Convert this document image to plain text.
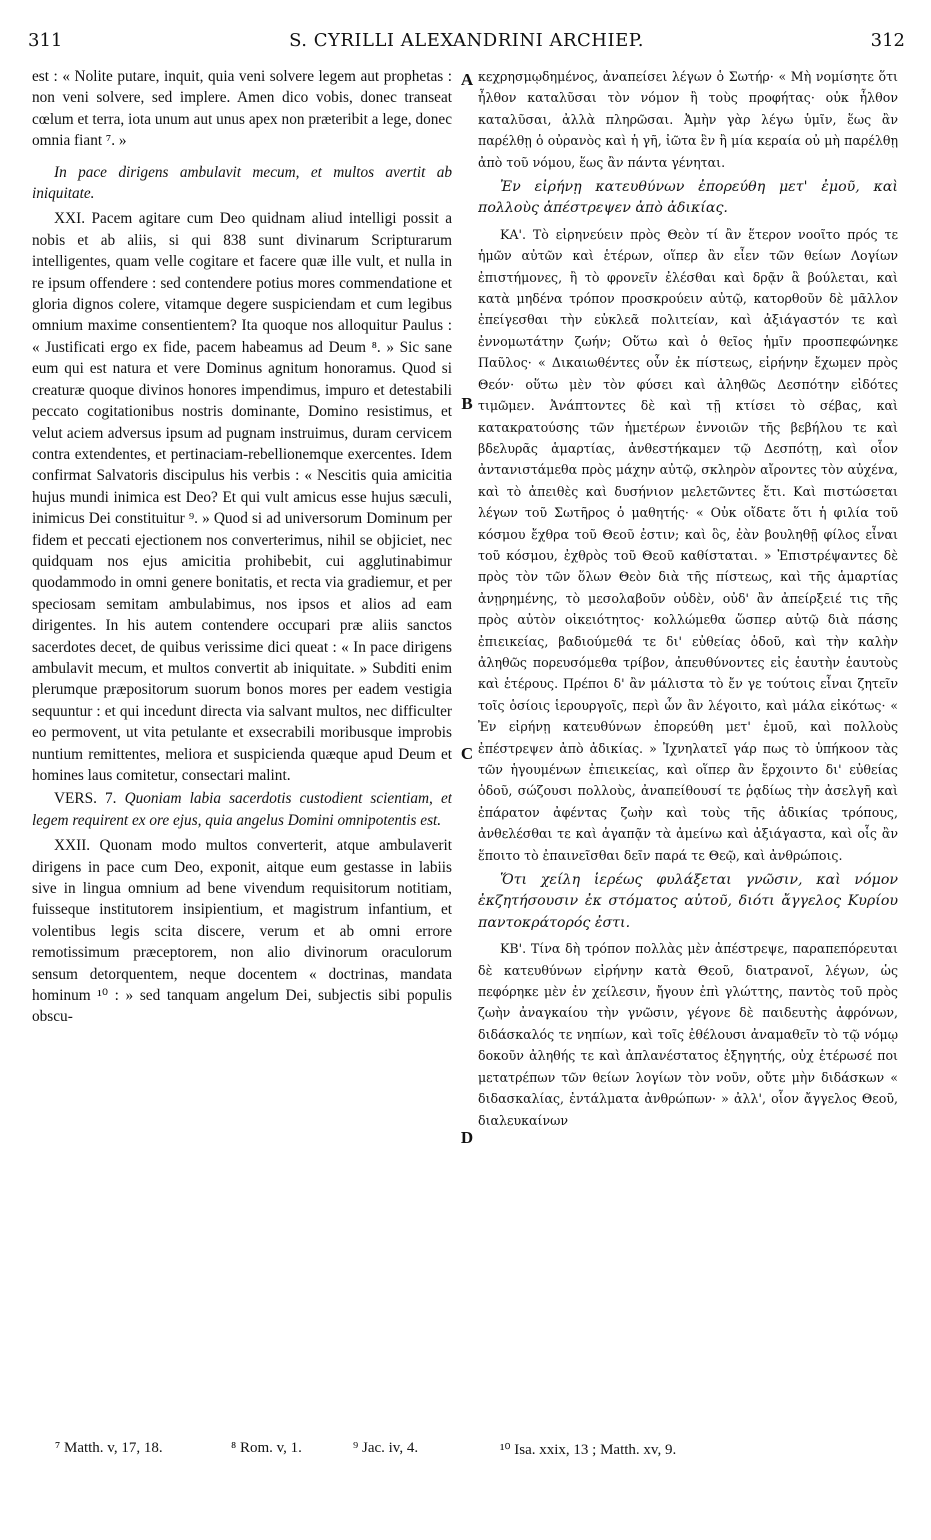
311	S. CYRILLI ALEXANDRINI ARCHIEP.	312

est : « Nolite putare, inquit, quia veni solvere legem aut prophetas : non veni solvere, sed implere. Amen dico vobis, donec transeat cœlum et terra, iota unum aut unus apex non præteribit a lege, donec omnia fiant ⁷. »

In pace dirigens ambulavit mecum, et multos avertit ab iniquitate.

XXI. Pacem agitare cum Deo quidnam aliud intelligi possit a nobis et ab aliis, si qui 838 sunt divinarum Scripturarum intelligentes, quam velle cogitare et facere quæ ille vult, et nulla in re ipsum offendere : sed contendere potius mores commendatione et gloria dignos colere, vitamque degere suspiciendam et cum legibus omnium maxime consentientem? Ita quoque nos alloquitur Paulus : « Justificati ergo ex fide, pacem habeamus ad Deum ⁸. » Sic sane eum qui est natura et vere Dominus agnitum honoramus. Quod si creaturæ quoque divinos honores impendimus, impuro et detestabili peccato cogitationibus nostris dominante, Domino resistimus, et velut aciem adversus ipsum ad pugnam instruimus, duram cervicem contra extendentes, et pertinaciam-rebellionemque exercentes. Idem confirmat Salvatoris discipulus his verbis : « Nescitis quia amicitia hujus mundi inimica est Deo? Et qui vult amicus esse hujus sæculi, inimicus Dei constituitur ⁹. » Quod si ad universorum Dominum per fidem et peccati ejectionem nos converterimus, nihil se objiciet, nec quidquam nos ejus amicitia prohibebit, cui agglutinabimur quodammodo in omni genere bonitatis, et recta via gradiemur, et per speciosam semitam ambulabimus, nos ipsos et alios ad eam dirigentes. In his autem contendere occupari præ aliis sanctos sacerdotes decet, de quibus verissime dici queat : « In pace dirigens ambulavit mecum, et multos convertit ab iniquitate. » Subditi enim plerumque præpositorum suorum bonos mores per eadem vestigia sequuntur : et qui incedunt directa via salvant multos, nec difficulter eo permovent, ut vita petulante et exsecrabili moribusque improbis nuntium remittentes, meliora et suspicienda quæque apud Deum et homines laus comitetur, consectari malint.

VERS. 7. Quoniam labia sacerdotis custodient scientiam, et legem requirent ex ore ejus, quia angelus Domini omnipotentis est.

XXII. Quonam modo multos converterit, atque ambulaverit dirigens in pace cum Deo, exponit, aitque eum gestasse in labiis sive in lingua omnium ad bene vivendum requisitorum notitiam, fuisseque institutorem insipientium, et magistrum infantium, et volentibus legis scita discere, verum et ab omni errore remotissimum præceptorem, non alio divinorum oraculorum sensum detorquentem, neque docentem « doctrinas, mandata hominum ¹⁰ : » sed tanquam angelum Dei, subjectis sibi populis obscu-

A
B
C
D

κεχρησμῳδημένος, ἀναπείσει λέγων ὁ Σωτήρ· « Μὴ νομίσητε ὅτι ἦλθον καταλῦσαι τὸν νόμον ἢ τοὺς προφήτας· οὐκ ἦλθον καταλῦσαι, ἀλλὰ πληρῶσαι. Ἀμὴν γὰρ λέγω ὑμῖν, ἕως ἂν παρέλθῃ ὁ οὐρανὸς καὶ ἡ γῆ, ἰῶτα ἓν ἢ μία κεραία οὐ μὴ παρέλθῃ ἀπὸ τοῦ νόμου, ἕως ἂν πάντα γένηται.

Ἐν εἰρήνῃ κατευθύνων ἐπορεύθη μετ' ἐμοῦ, καὶ πολλοὺς ἀπέστρεψεν ἀπὸ ἀδικίας.

ΚΑ'. Τὸ εἰρηνεύειν πρὸς Θεὸν τί ἂν ἕτερον νοοῖτο πρός τε ἡμῶν αὐτῶν καὶ ἑτέρων, οἵπερ ἂν εἶεν τῶν θείων Λογίων ἐπιστήμονες, ἢ τὸ φρονεῖν ἐλέσθαι καὶ δρᾷν ἃ βούλεται, καὶ κατὰ μηδένα τρόπον προσκρούειν αὐτῷ, κατορθοῦν δὲ μᾶλλον ἐπείγεσθαι τὴν εὐκλεᾶ πολιτείαν, καὶ ἀξιάγαστόν τε καὶ ἐννομωτάτην ζωήν; Οὕτω καὶ ὁ θεῖος ἡμῖν προσπεφώνηκε Παῦλος· « Δικαιωθέντες οὖν ἐκ πίστεως, εἰρήνην ἔχωμεν πρὸς Θεόν· οὕτω μὲν τὸν φύσει καὶ ἀληθῶς Δεσπότην εἰδότες τιμῶμεν. Ἀνάπτοντες δὲ καὶ τῇ κτίσει τὸ σέβας, καὶ κατακρατούσης τῶν ἡμετέρων ἐννοιῶν τῆς βεβήλου τε καὶ βδελυρᾶς ἁμαρτίας, ἀνθεστήκαμεν τῷ Δεσπότῃ, καὶ οἷον ἀντανιστάμεθα πρὸς μάχην αὐτῷ, σκληρὸν αἴροντες τὸν αὐχένα, καὶ τὸ ἀπειθὲς καὶ δυσήνιον μελετῶντες ἔτι. Καὶ πιστώσεται λέγων τοῦ Σωτῆρος ὁ μαθητής· « Οὐκ οἴδατε ὅτι ἡ φιλία τοῦ κόσμου ἔχθρα τοῦ Θεοῦ ἐστιν; καὶ ὃς, ἐὰν βουληθῇ φίλος εἶναι τοῦ κόσμου, ἐχθρὸς τοῦ Θεοῦ καθίσταται. » Ἐπιστρέψαντες δὲ πρὸς τὸν τῶν ὅλων Θεὸν διὰ τῆς πίστεως, καὶ τῆς ἁμαρτίας ἀνῃρημένης, τὸ μεσολαβοῦν οὐδὲν, οὐδ' ἂν ἀπείρξειέ τις τῆς πρὸς αὐτὸν οἰκειότητος· κολλώμεθα ὥσπερ αὐτῷ διὰ πάσης ἐπιεικείας, βαδιούμεθά τε δι' εὐθείας ὁδοῦ, καὶ τὴν καλὴν ἀληθῶς πορευσόμεθα τρίβον, ἀπευθύνοντες εἰς ἑαυτὴν ἑαυτοὺς καὶ ἑτέρους. Πρέποι δ' ἂν μάλιστα τὸ ἔν γε τούτοις εἶναι ζητεῖν τοῖς ὁσίοις ἱερουργοῖς, περὶ ὧν ἂν λέγοιτο, καὶ μάλα εἰκότως· « Ἐν εἰρήνῃ κατευθύνων ἐπορεύθη μετ' ἐμοῦ, καὶ πολλοὺς ἐπέστρεψεν ἀπὸ ἀδικίας. » Ἰχνηλατεῖ γάρ πως τὸ ὑπήκοον τὰς τῶν ἡγουμένων ἐπιεικείας, καὶ οἵπερ ἂν ἔρχοιντο δι' εὐθείας ὁδοῦ, σώζουσι πολλοὺς, ἀναπείθουσί τε ῥᾳδίως τὴν ἀσελγῆ καὶ ἐπάρατον ἀφέντας ζωὴν καὶ τοὺς τῆς ἀδικίας τρόπους, ἀνθελέσθαι τε καὶ ἀγαπᾷν τὰ ἀμείνω καὶ ἀξιάγαστα, καὶ οἷς ἂν ἕποιτο τὸ ἐπαινεῖσθαι δεῖν παρά τε Θεῷ, καὶ ἀνθρώποις.

Ὅτι χείλη ἱερέως φυλάξεται γνῶσιν, καὶ νόμον ἐκζητήσουσιν ἐκ στόματος αὐτοῦ, διότι ἄγγελος Κυρίου παντοκράτορός ἐστι.

ΚΒ'. Τίνα δὴ τρόπον πολλὰς μὲν ἀπέστρεψε, παραπεπόρευται δὲ κατευθύνων εἰρήνην κατὰ Θεοῦ, διατρανοῖ, λέγων, ὡς πεφόρηκε μὲν ἐν χείλεσιν, ἤγουν ἐπὶ γλώττης, παντὸς τοῦ πρὸς ζωὴν ἀναγκαίου τὴν γνῶσιν, γέγονε δὲ παιδευτὴς ἀφρόνων, διδάσκαλός τε νηπίων, καὶ τοῖς ἐθέλουσι ἀναμαθεῖν τὸ τῷ νόμῳ δοκοῦν ἀληθής τε καὶ ἀπλανέστατος ἐξηγητής, οὐχ ἑτέρωσέ ποι μετατρέπων τῶν θείων λογίων τὸν νοῦν, οὔτε μὴν διδάσκων « διδασκαλίας, ἐντάλματα ἀνθρώπων· » ἀλλ', οἷον ἄγγελος Θεοῦ, διαλευκαίνων

⁷ Matth. v, 17, 18.	⁸ Rom. v, 1.	⁹ Jac. iv, 4.	¹⁰ Isa. xxix, 13 ; Matth. xv, 9.
